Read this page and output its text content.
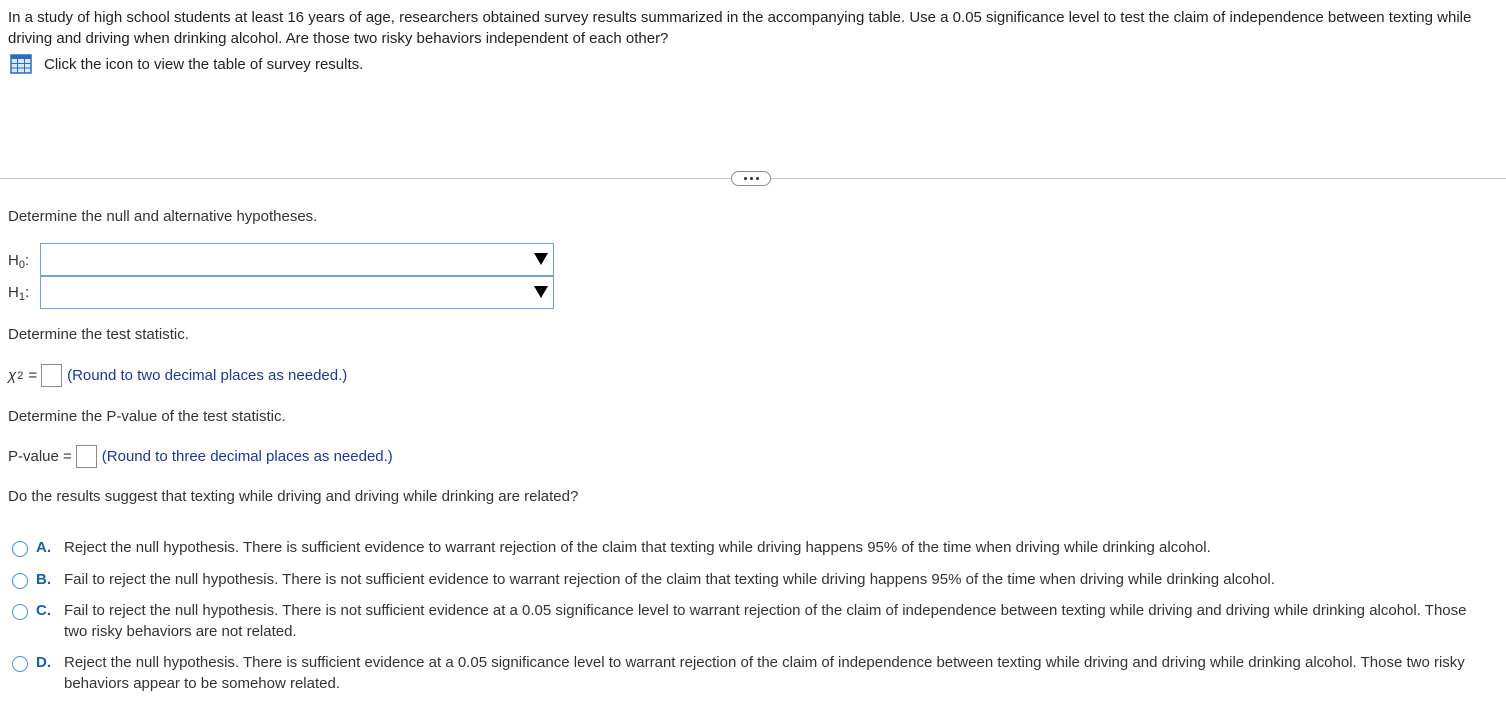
In a study of high school students at least 16 years of age, researchers obtained survey results summarized in the accompanying table. Use a 0.05 significance level to test the claim of independence between texting while driving and driving when drinking alcohol. Are those two risky behaviors independent of each other?
Click the icon to view the table of survey results.
Determine the null and alternative hypotheses.
$H_0$:
$H_1$:
Determine the test statistic.
χ 2 = (Round to two decimal places as needed.)
Determine the P-value of the test statistic.
P-value = (Round to three decimal places as needed.)
Do the results suggest that texting while driving and driving while drinking are related?
A. Reject the null hypothesis. There is sufficient evidence to warrant rejection of the claim that texting while driving happens 95% of the time when driving while drinking alcohol.
B. Fail to reject the null hypothesis. There is not sufficient evidence to warrant rejection of the claim that texting while driving happens 95% of the time when driving while drinking alcohol.
C. Fail to reject the null hypothesis. There is not sufficient evidence at a 0.05 significance level to warrant rejection of the claim of independence between texting while driving and driving while drinking alcohol. Those two risky behaviors are not related.
D. Reject the null hypothesis. There is sufficient evidence at a 0.05 significance level to warrant rejection of the claim of independence between texting while driving and driving while drinking alcohol. Those two risky behaviors appear to be somehow related.
